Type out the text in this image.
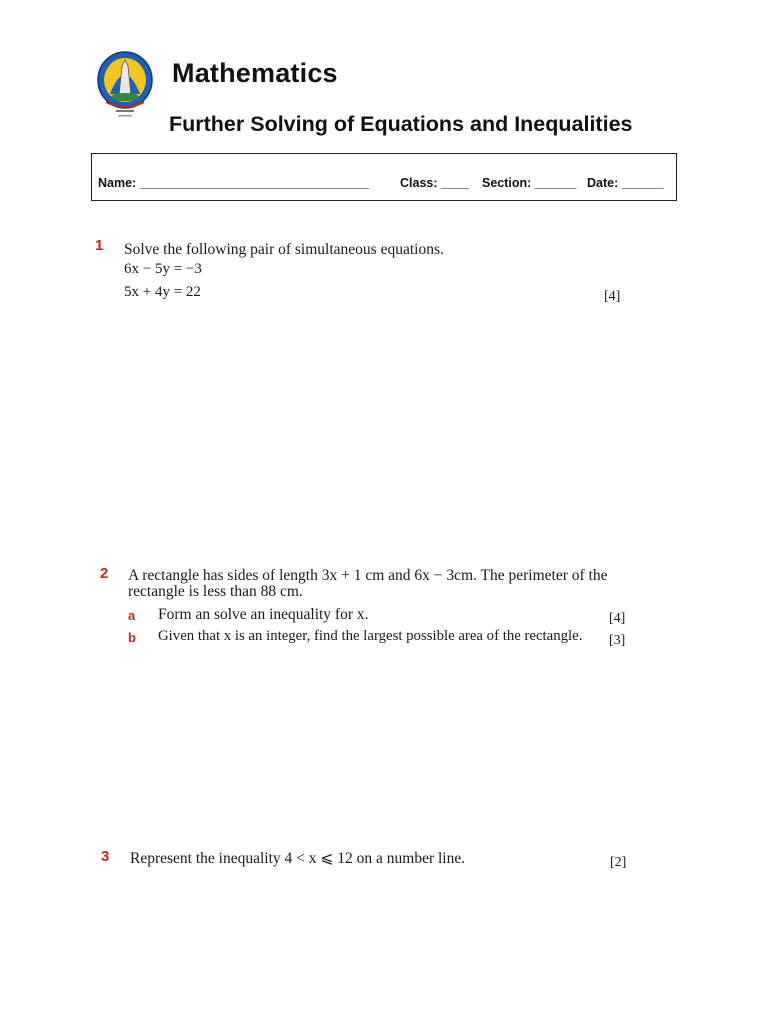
Mathematics
Further Solving of Equations and Inequalities
Name: _________________________________ Class: ____ Section: ______ Date: ______
1 Solve the following pair of simultaneous equations.
6x − 5y = −3
5x + 4y = 22	[4]
2 A rectangle has sides of length 3x + 1 cm and 6x − 3cm. The perimeter of the
rectangle is less than 88 cm.
a Form an solve an inequality for x.	[4]
b Given that x is an integer, find the largest possible area of the rectangle. [3]
3 Represent the inequality 4 < x ⩽ 12 on a number line.	[2]
